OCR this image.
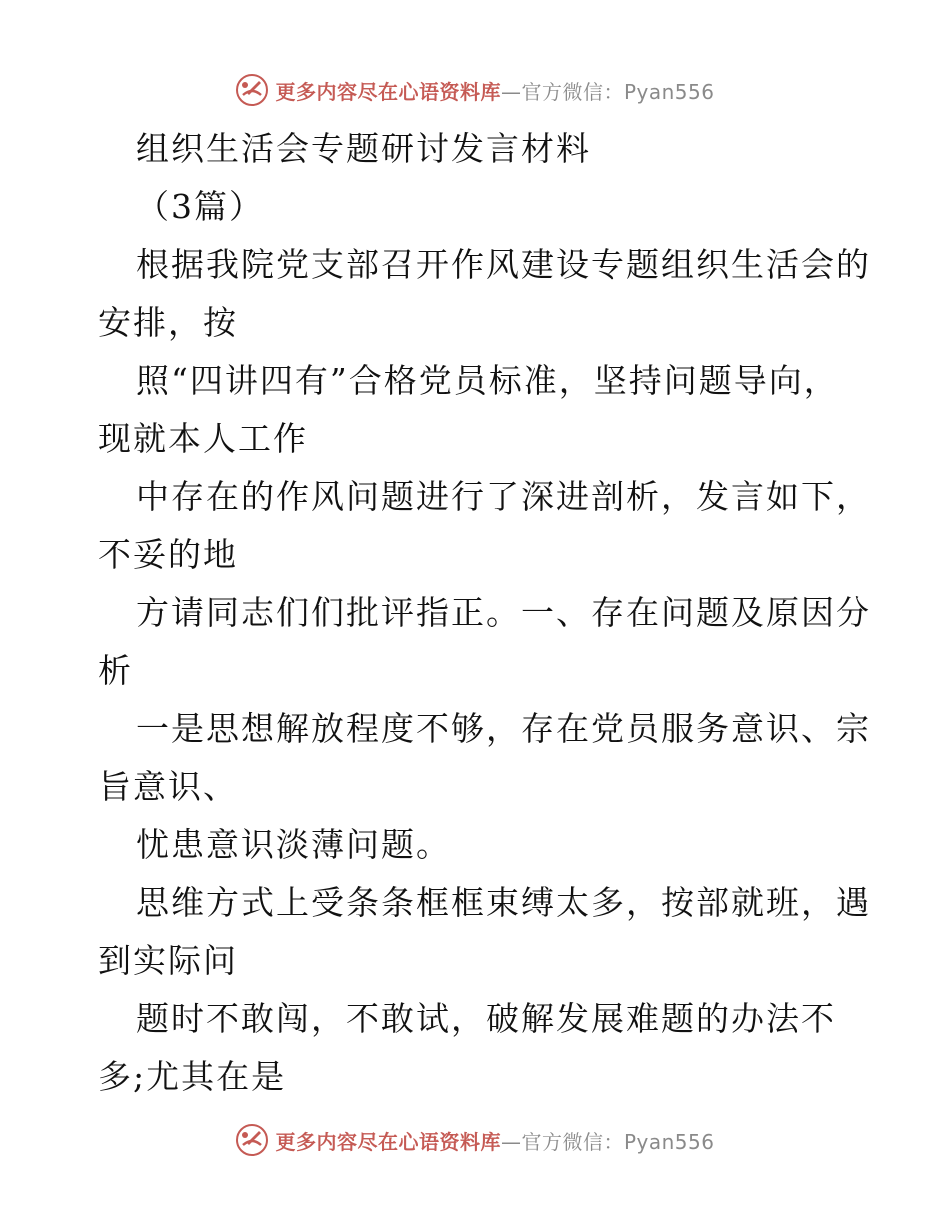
更多内容尽在心语资料库—官方微信：Pyan556
组织生活会专题研讨发言材料
（3篇）
根据我院党支部召开作风建设专题组织生活会的
安排，按
照“四讲四有”合格党员标准，坚持问题导向，
现就本人工作
中存在的作风问题进行了深进剖析，发言如下，
不妥的地
方请同志们们批评指正。一、存在问题及原因分
析
一是思想解放程度不够，存在党员服务意识、宗
旨意识、
忧患意识淡薄问题。
思维方式上受条条框框束缚太多，按部就班，遇
到实际问
题时不敢闯，不敢试，破解发展难题的办法不
多;尤其在是
更多内容尽在心语资料库—官方微信：Pyan556
